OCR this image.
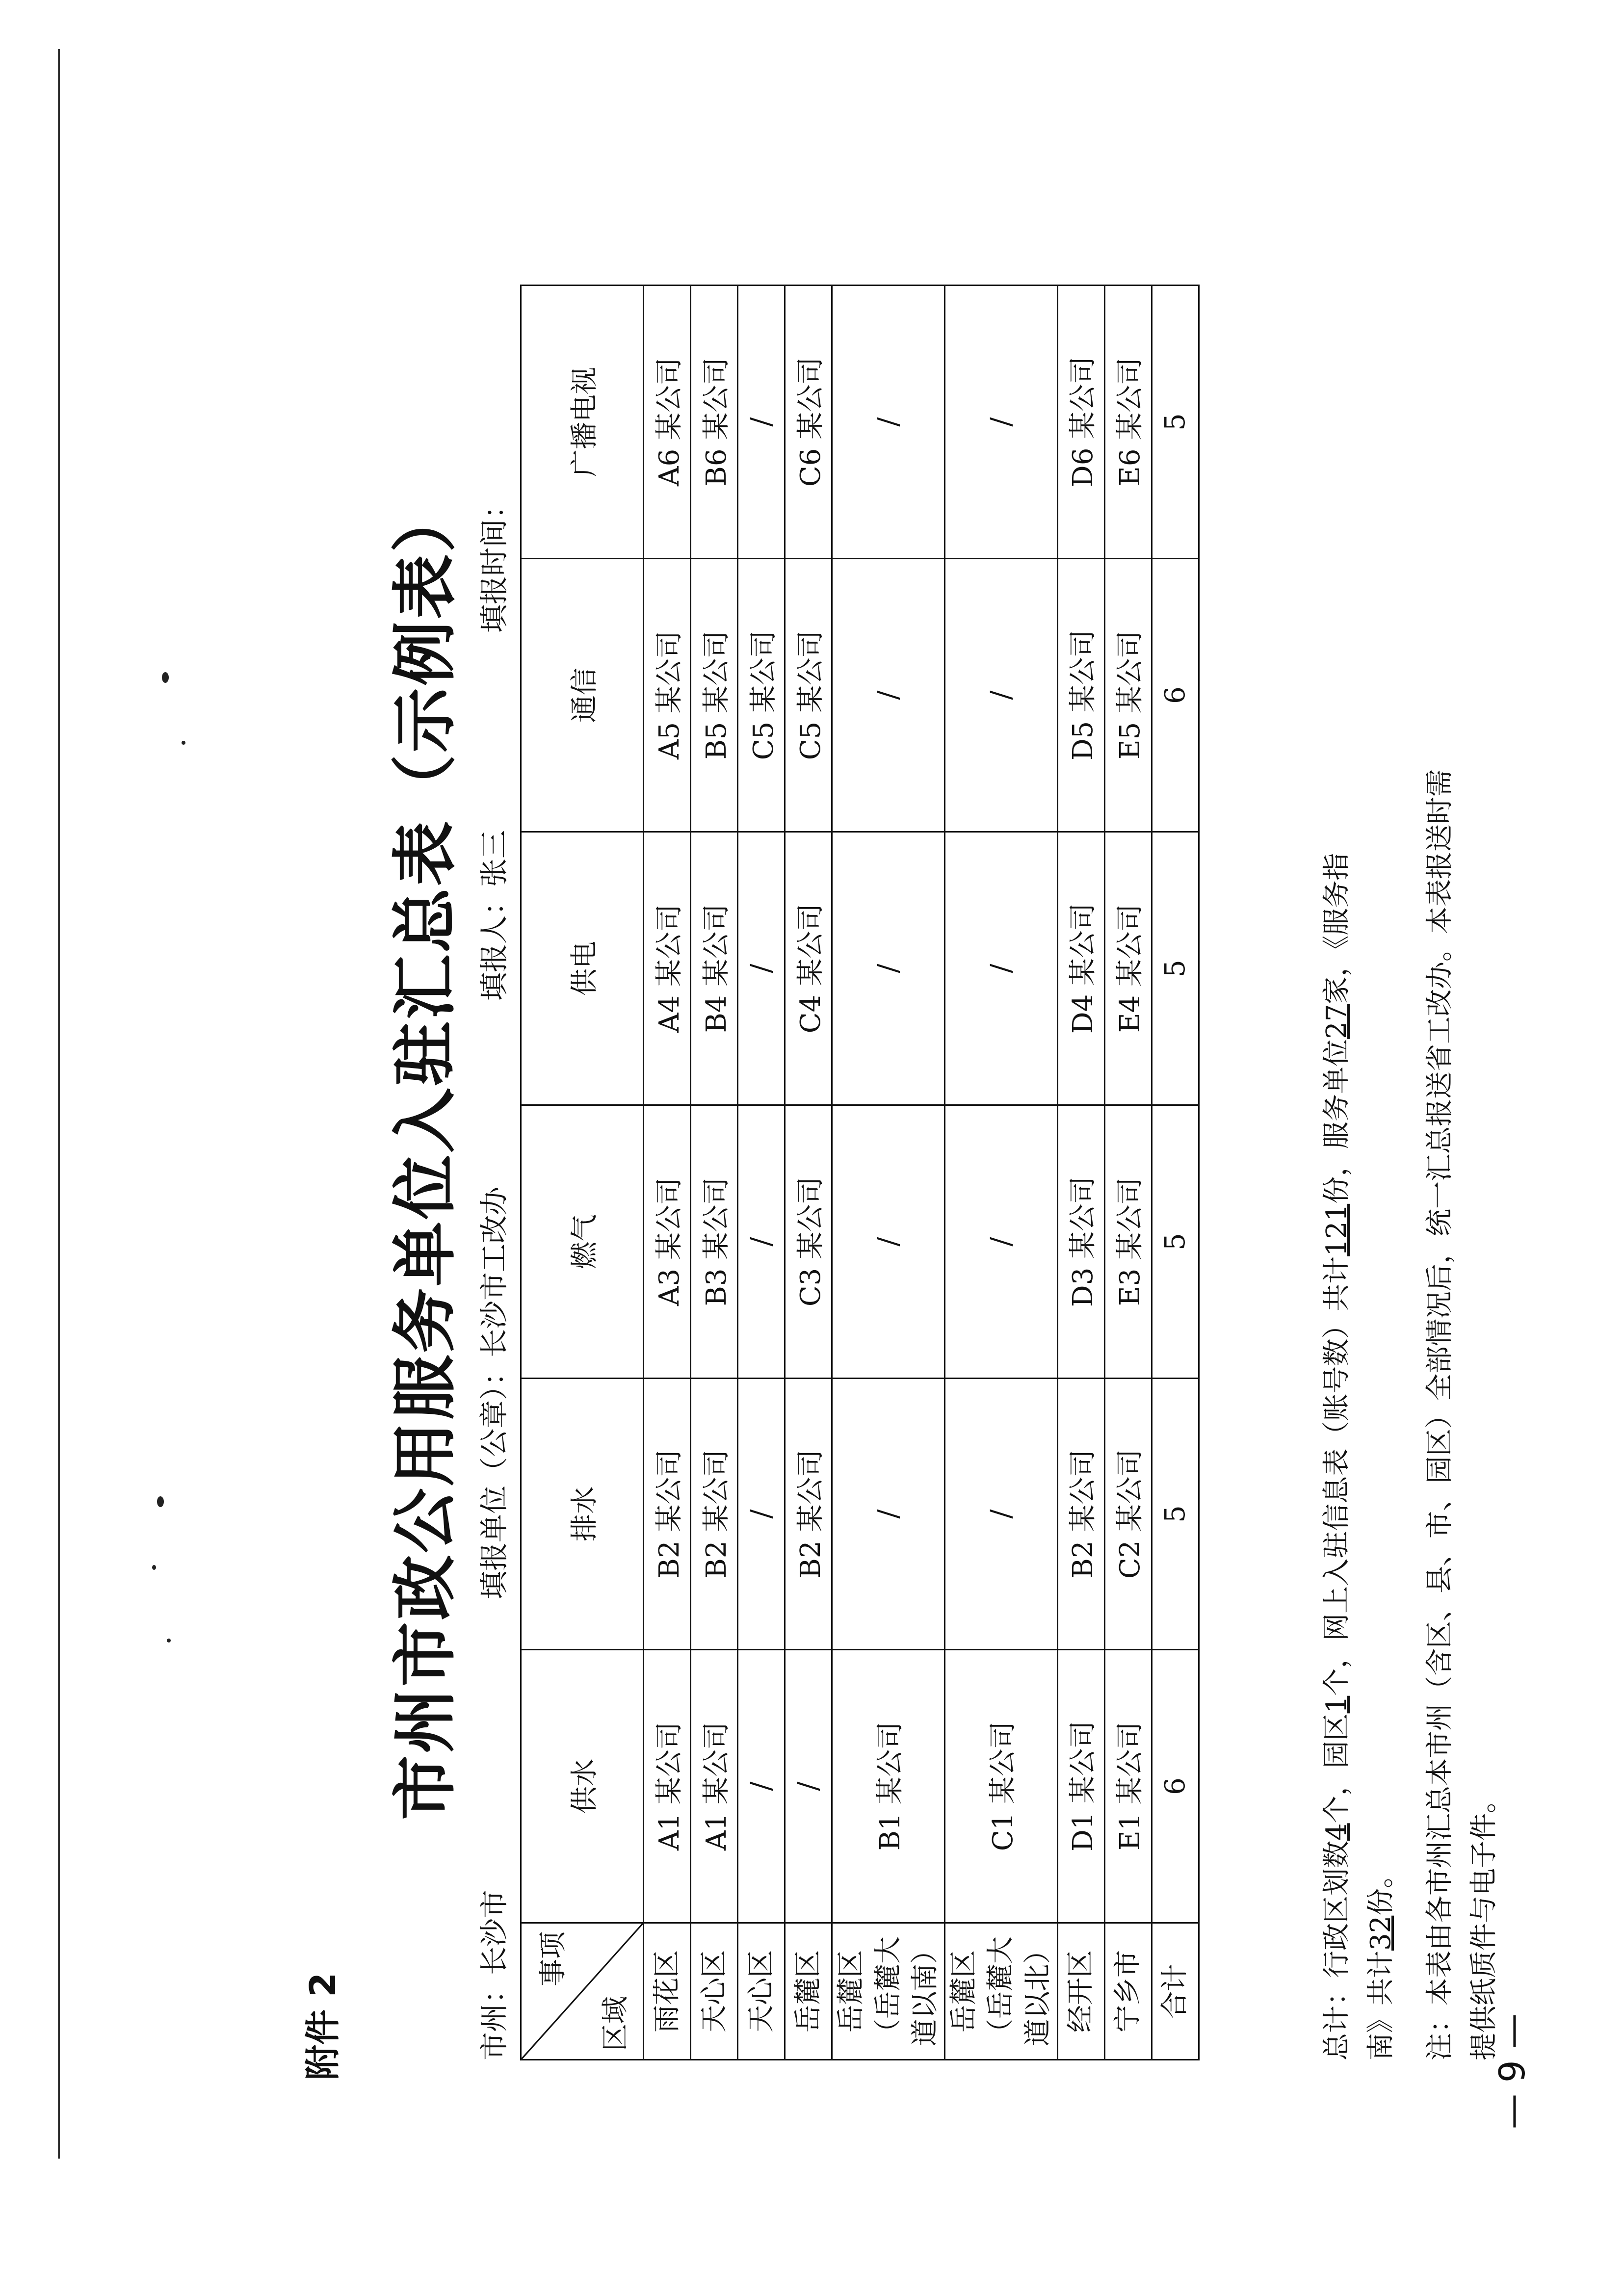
附件 2
市州市政公用服务单位入驻汇总表（示例表）
市州：长沙市
填报单位（公章）：长沙市工改办
填报人：张三
填报时间：
事项
区域	供水	排水	燃气	供电	通信	广播电视
雨花区	A1 某公司	B2 某公司	A3 某公司	A4 某公司	A5 某公司	A6 某公司
天心区	A1 某公司	B2 某公司	B3 某公司	B4 某公司	B5 某公司	B6 某公司
天心区	/	/	/	/	C5 某公司	/
岳麓区	/	B2 某公司	C3 某公司	C4 某公司	C5 某公司	C6 某公司
岳麓区（岳麓大道以南）	B1 某公司	/	/	/	/	/
岳麓区（岳麓大道以北）	C1 某公司	/	/	/	/	/
经开区	D1 某公司	B2 某公司	D3 某公司	D4 某公司	D5 某公司	D6 某公司
宁乡市	E1 某公司	C2 某公司	E3 某公司	E4 某公司	E5 某公司	E6 某公司
合计	6	5	5	5	6	5
总计：行政区划数4个，园区1个，网上入驻信息表（账号数）共计121份，服务单位27家，《服务指
南》共计32份。 注：本表由各市州汇总本市州（含区、县、市、园区）全部情况后，统一汇总报送省工改办。本表报送时需 提供纸质件与电子件。
— 9 —
